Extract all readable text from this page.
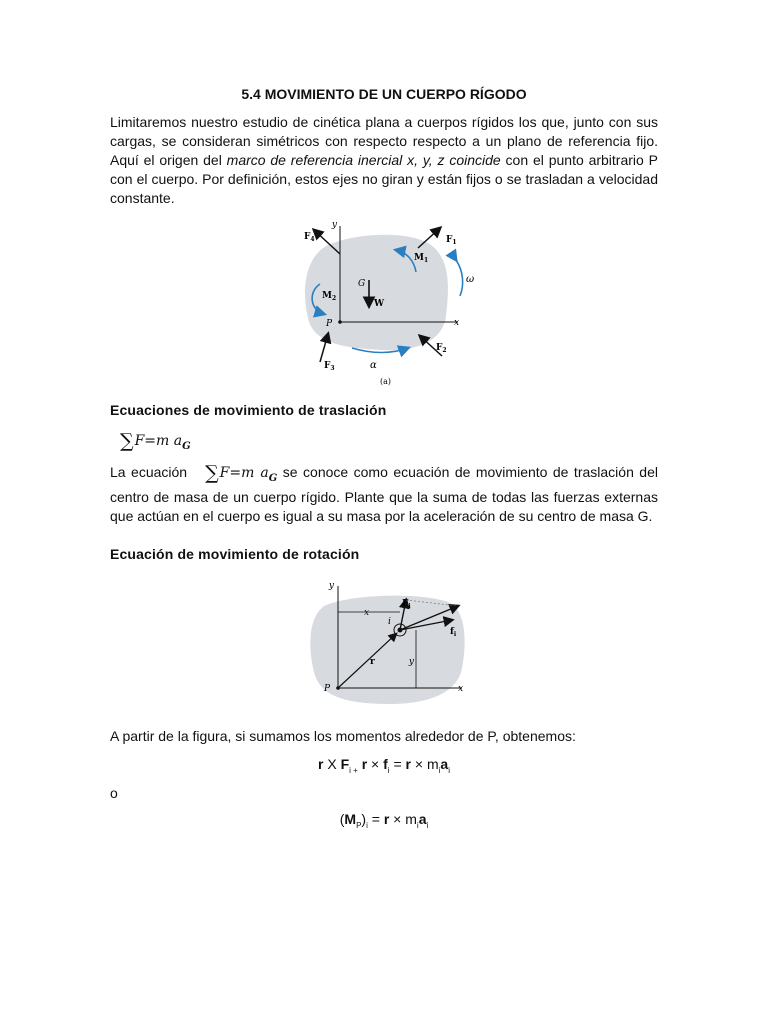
5.4 MOVIMIENTO DE UN CUERPO RÍGODO

Limitaremos nuestro estudio de cinética plana a cuerpos rígidos los que, junto con sus cargas, se consideran simétricos con respecto respecto a un plano de referencia fijo. Aquí el origen del marco de referencia inercial x, y, z coincide con el punto arbitrario P con el cuerpo. Por definición, estos ejes no giran y están fijos o se trasladan a velocidad constante.

y
x
P
G
W
$F_4$	$F_1$
$F_2$
$F_3$
$M_1$
$M_2$
ω
α
(a)
Ecuaciones de movimiento de traslación
∑F=m $a_G$

La ecuación ∑F=m $a_G$ se conoce como ecuación de movimiento de traslación del centro de masa de un cuerpo rígido. Plante que la suma de todas las fuerzas externas que actúan en el cuerpo es igual a su masa por la aceleración de su centro de masa G.

Ecuación de movimiento de rotación
y
x
P
r
x
y
i
$F_i$
$f_i$

A partir de la figura, si sumamos los momentos alrededor de P, obtenemos:

r X $F_{i +}$ $r \times f_i = r \times m_ia_i$
o
$(M_P)_i = r \times m_ia_i$
